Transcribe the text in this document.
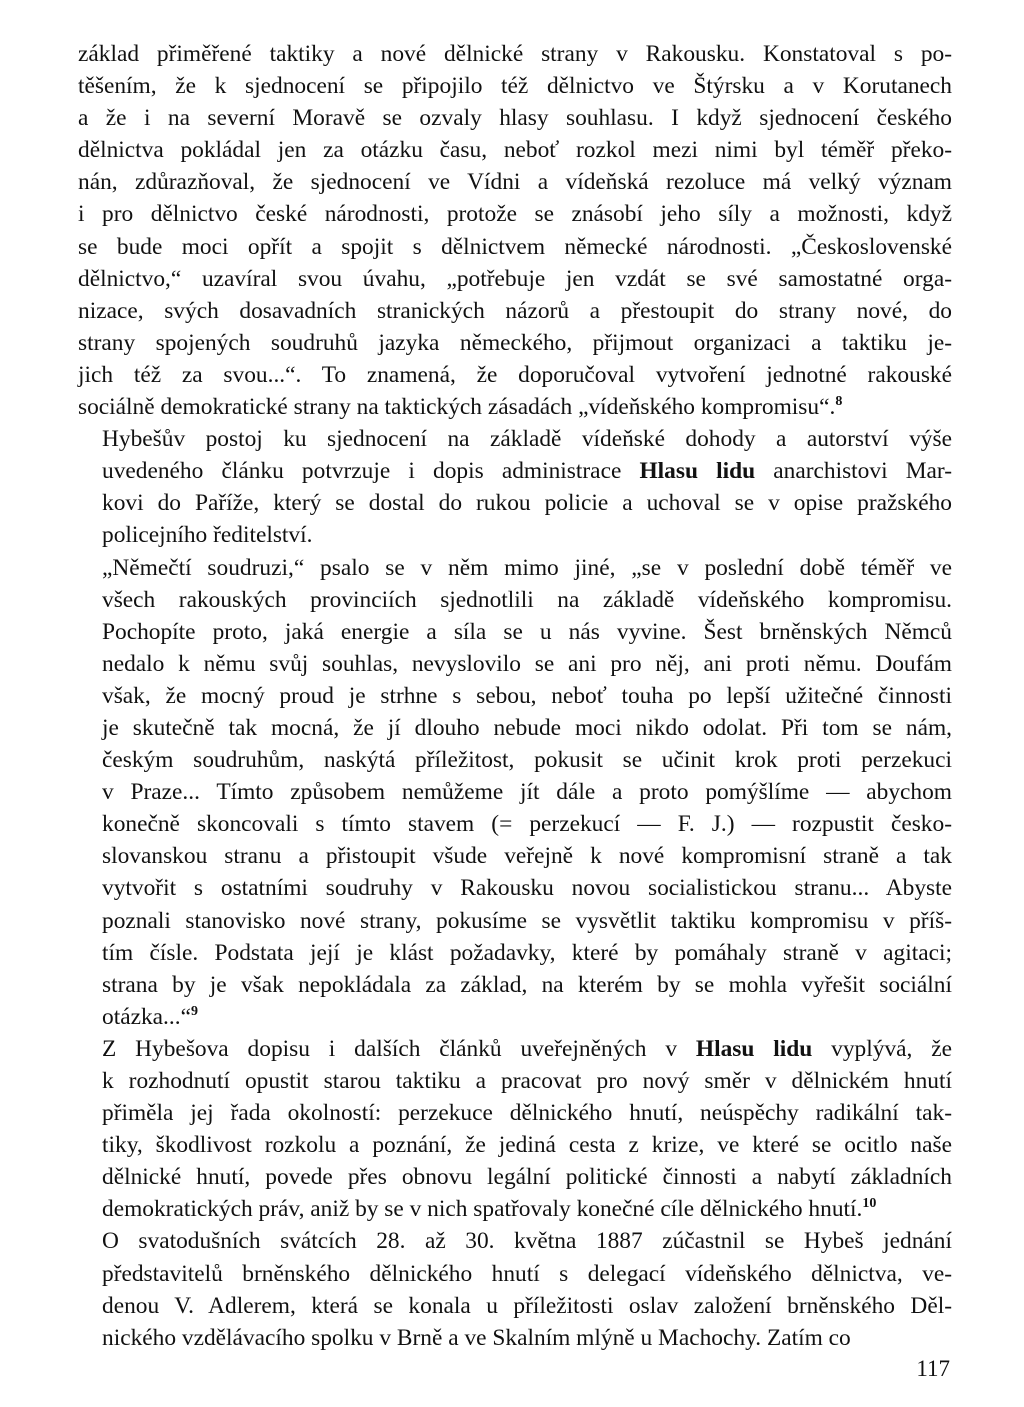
základ přiměřené taktiky a nové dělnické strany v Rakousku. Konstatoval s po-
těšením, že k sjednocení se připojilo též dělnictvo ve Štýrsku a v Korutanech
a že i na severní Moravě se ozvaly hlasy souhlasu. I když sjednocení českého
dělnictva pokládal jen za otázku času, neboť rozkol mezi nimi byl téměř překo-
nán, zdůrazňoval, že sjednocení ve Vídni a vídeňská rezoluce má velký význam
i pro dělnictvo české národnosti, protože se znásobí jeho síly a možnosti, když
se bude moci opřít a spojit s dělnictvem německé národnosti. „Československé
dělnictvo,“ uzavíral svou úvahu, „potřebuje jen vzdát se své samostatné orga-
nizace, svých dosavadních stranických názorů a přestoupit do strany nové, do
strany spojených soudruhů jazyka německého, přijmout organizaci a taktiku je-
jich též za svou...“. To znamená, že doporučoval vytvoření jednotné rakouské
sociálně demokratické strany na taktických zásadách „vídeňského kompromisu“.$^8$
Hybešův postoj ku sjednocení na základě vídeňské dohody a autorství výše
uvedeného článku potvrzuje i dopis administrace Hlasu lidu anarchistovi Mar-
kovi do Paříže, který se dostal do rukou policie a uchoval se v opise pražského
policejního ředitelství.
„Němečtí soudruzi,“ psalo se v něm mimo jiné, „se v poslední době téměř ve
všech rakouských provinciích sjednotlili na základě vídeňského kompromisu.
Pochopíte proto, jaká energie a síla se u nás vyvine. Šest brněnských Němců
nedalo k němu svůj souhlas, nevyslovilo se ani pro něj, ani proti němu. Doufám
však, že mocný proud je strhne s sebou, neboť touha po lepší užitečné činnosti
je skutečně tak mocná, že jí dlouho nebude moci nikdo odolat. Při tom se nám,
českým soudruhům, naskýtá příležitost, pokusit se učinit krok proti perzekuci
v Praze... Tímto způsobem nemůžeme jít dále a proto pomýšlíme — abychom
konečně skoncovali s tímto stavem (= perzekucí — F. J.) — rozpustit česko-
slovanskou stranu a přistoupit všude veřejně k nové kompromisní straně a tak
vytvořit s ostatními soudruhy v Rakousku novou socialistickou stranu... Abyste
poznali stanovisko nové strany, pokusíme se vysvětlit taktiku kompromisu v příš-
tím čísle. Podstata její je klást požadavky, které by pomáhaly straně v agitaci;
strana by je však nepokládala za základ, na kterém by se mohla vyřešit sociální
otázka...“$^9$
Z Hybešova dopisu i dalších článků uveřejněných v Hlasu lidu vyplývá, že
k rozhodnutí opustit starou taktiku a pracovat pro nový směr v dělnickém hnutí
přiměla jej řada okolností: perzekuce dělnického hnutí, neúspěchy radikální tak-
tiky, škodlivost rozkolu a poznání, že jediná cesta z krize, ve které se ocitlo naše
dělnické hnutí, povede přes obnovu legální politické činnosti a nabytí základních
demokratických práv, aniž by se v nich spatřovaly konečné cíle dělnického hnutí.$^{10}$
O svatodušních svátcích 28. až 30. května 1887 zúčastnil se Hybeš jednání
představitelů brněnského dělnického hnutí s delegací vídeňského dělnictva, ve-
denou V. Adlerem, která se konala u příležitosti oslav založení brněnského Děl-
nického vzdělávacího spolku v Brně a ve Skalním mlýně u Machochy. Zatím co
117
